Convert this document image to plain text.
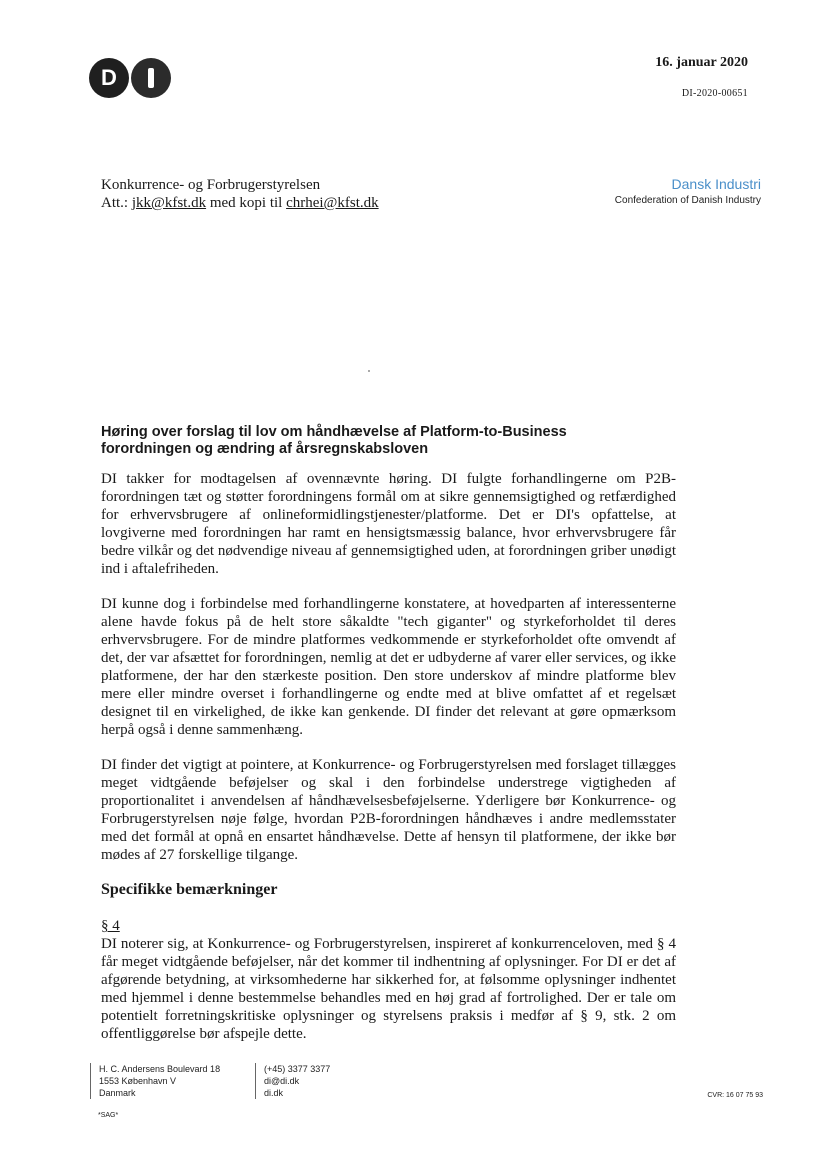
D
16. januar 2020
DI-2020-00651
Konkurrence- og Forbrugerstyrelsen
Att.: jkk@kfst.dk med kopi til chrhei@kfst.dk
Dansk Industri
Confederation of Danish Industry
Høring over forslag til lov om håndhævelse af Platform-to-Business
forordningen og ændring af årsregnskabsloven

DI takker for modtagelsen af ovennævnte høring. DI fulgte forhandlingerne om P2B-forordningen tæt og støtter forordningens formål om at sikre gennemsigtighed og retfærdighed for erhvervsbrugere af onlineformidlingstjenester/platforme. Det er DI's opfattelse, at lovgiverne med forordningen har ramt en hensigtsmæssig balance, hvor erhvervsbrugere får bedre vilkår og det nødvendige niveau af gennemsigtighed uden, at forordningen griber unødigt ind i aftalefriheden.

DI kunne dog i forbindelse med forhandlingerne konstatere, at hovedparten af interessenterne alene havde fokus på de helt store såkaldte "tech giganter" og styrkeforholdet til deres erhvervsbrugere. For de mindre platformes vedkommende er styrkeforholdet ofte omvendt af det, der var afsættet for forordningen, nemlig at det er udbyderne af varer eller services, og ikke platformene, der har den stærkeste position. Den store underskov af mindre platforme blev mere eller mindre overset i forhandlingerne og endte med at blive omfattet af et regelsæt designet til en virkelighed, de ikke kan genkende. DI finder det relevant at gøre opmærksom herpå også i denne sammenhæng.

DI finder det vigtigt at pointere, at Konkurrence- og Forbrugerstyrelsen med forslaget tillægges meget vidtgående beføjelser og skal i den forbindelse understrege vigtigheden af proportionalitet i anvendelsen af håndhævelsesbeføjelserne. Yderligere bør Konkurrence- og Forbrugerstyrelsen nøje følge, hvordan P2B-forordningen håndhæves i andre medlemsstater med det formål at opnå en ensartet håndhævelse. Dette af hensyn til platformene, der ikke bør mødes af 27 forskellige tilgange.

Specifikke bemærkninger
§ 4

DI noterer sig, at Konkurrence- og Forbrugerstyrelsen, inspireret af konkurrenceloven, med § 4 får meget vidtgående beføjelser, når det kommer til indhentning af oplysninger. For DI er det af afgørende betydning, at virksomhederne har sikkerhed for, at følsomme oplysninger indhentet med hjemmel i denne bestemmelse behandles med en høj grad af fortrolighed. Der er tale om potentielt forretningskritiske oplysninger og styrelsens praksis i medfør af § 9, stk. 2 om offentliggørelse bør afspejle dette.

H. C. Andersens Boulevard 18
1553 København V
Danmark
(+45) 3377 3377
di@di.dk
di.dk	CVR: 16 07 75 93
*SAG*
